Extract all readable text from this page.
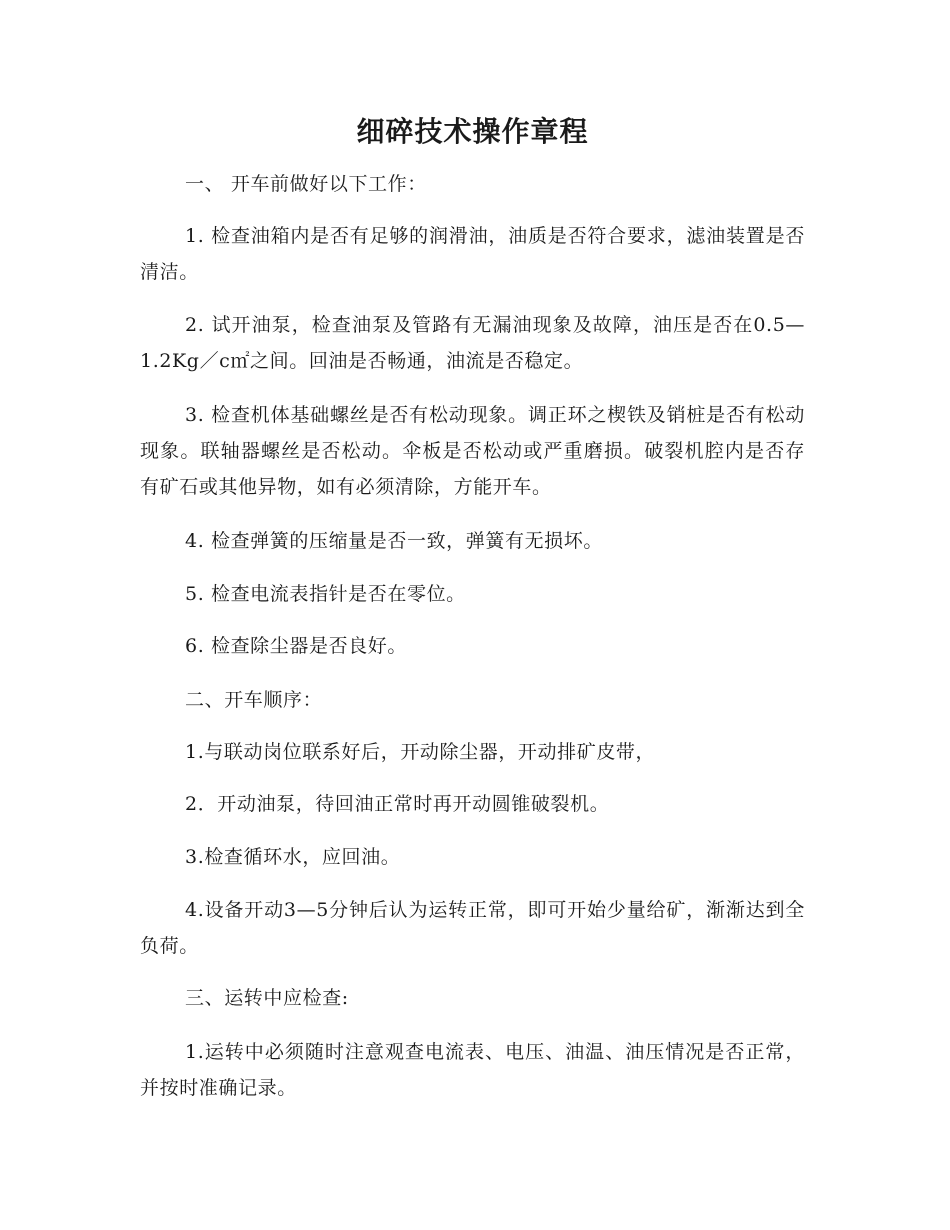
细碎技术操作章程

一、 开车前做好以下工作：

1. 检查油箱内是否有足够的润滑油，油质是否符合要求，滤油装置是否清洁。

2. 试开油泵，检查油泵及管路有无漏油现象及故障，油压是否在0.5—1.2Kg／c㎡之间。回油是否畅通，油流是否稳定。

3. 检查机体基础螺丝是否有松动现象。调正环之楔铁及销桩是否有松动现象。联轴器螺丝是否松动。伞板是否松动或严重磨损。破裂机腔内是否存有矿石或其他异物，如有必须清除，方能开车。

4. 检查弹簧的压缩量是否一致，弹簧有无损坏。

5. 检查电流表指针是否在零位。

6. 检查除尘器是否良好。

二、开车顺序：

1.与联动岗位联系好后，开动除尘器，开动排矿皮带，

2．开动油泵，待回油正常时再开动圆锥破裂机。

3.检查循环水，应回油。

4.设备开动3—5分钟后认为运转正常，即可开始少量给矿，渐渐达到全负荷。

三、运转中应检查:

1.运转中必须随时注意观查电流表、电压、油温、油压情况是否正常，并按时准确记录。
